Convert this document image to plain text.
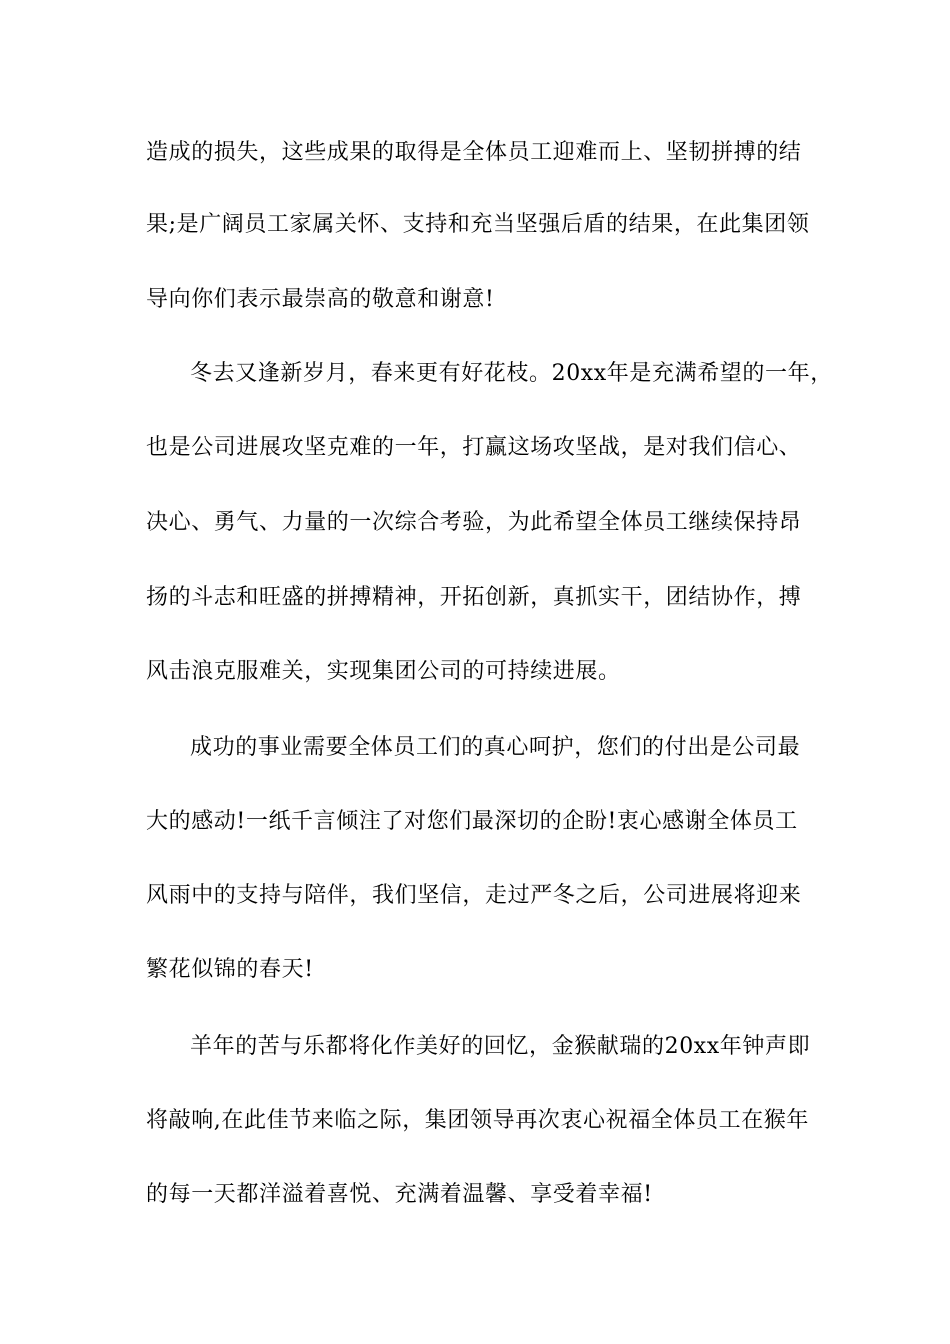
造成的损失，这些成果的取得是全体员工迎难而上、坚韧拼搏的结
果;是广阔员工家属关怀、支持和充当坚强后盾的结果，在此集团领
导向你们表示最崇高的敬意和谢意!
冬去又逢新岁月，春来更有好花枝。20xx年是充满希望的一年，
也是公司进展攻坚克难的一年，打赢这场攻坚战，是对我们信心、
决心、勇气、力量的一次综合考验，为此希望全体员工继续保持昂
扬的斗志和旺盛的拼搏精神，开拓创新，真抓实干，团结协作，搏
风击浪克服难关，实现集团公司的可持续进展。
成功的事业需要全体员工们的真心呵护，您们的付出是公司最
大的感动!一纸千言倾注了对您们最深切的企盼!衷心感谢全体员工
风雨中的支持与陪伴，我们坚信，走过严冬之后，公司进展将迎来
繁花似锦的春天!
羊年的苦与乐都将化作美好的回忆，金猴献瑞的20xx年钟声即
将敲响,在此佳节来临之际，集团领导再次衷心祝福全体员工在猴年
的每一天都洋溢着喜悦、充满着温馨、享受着幸福!
